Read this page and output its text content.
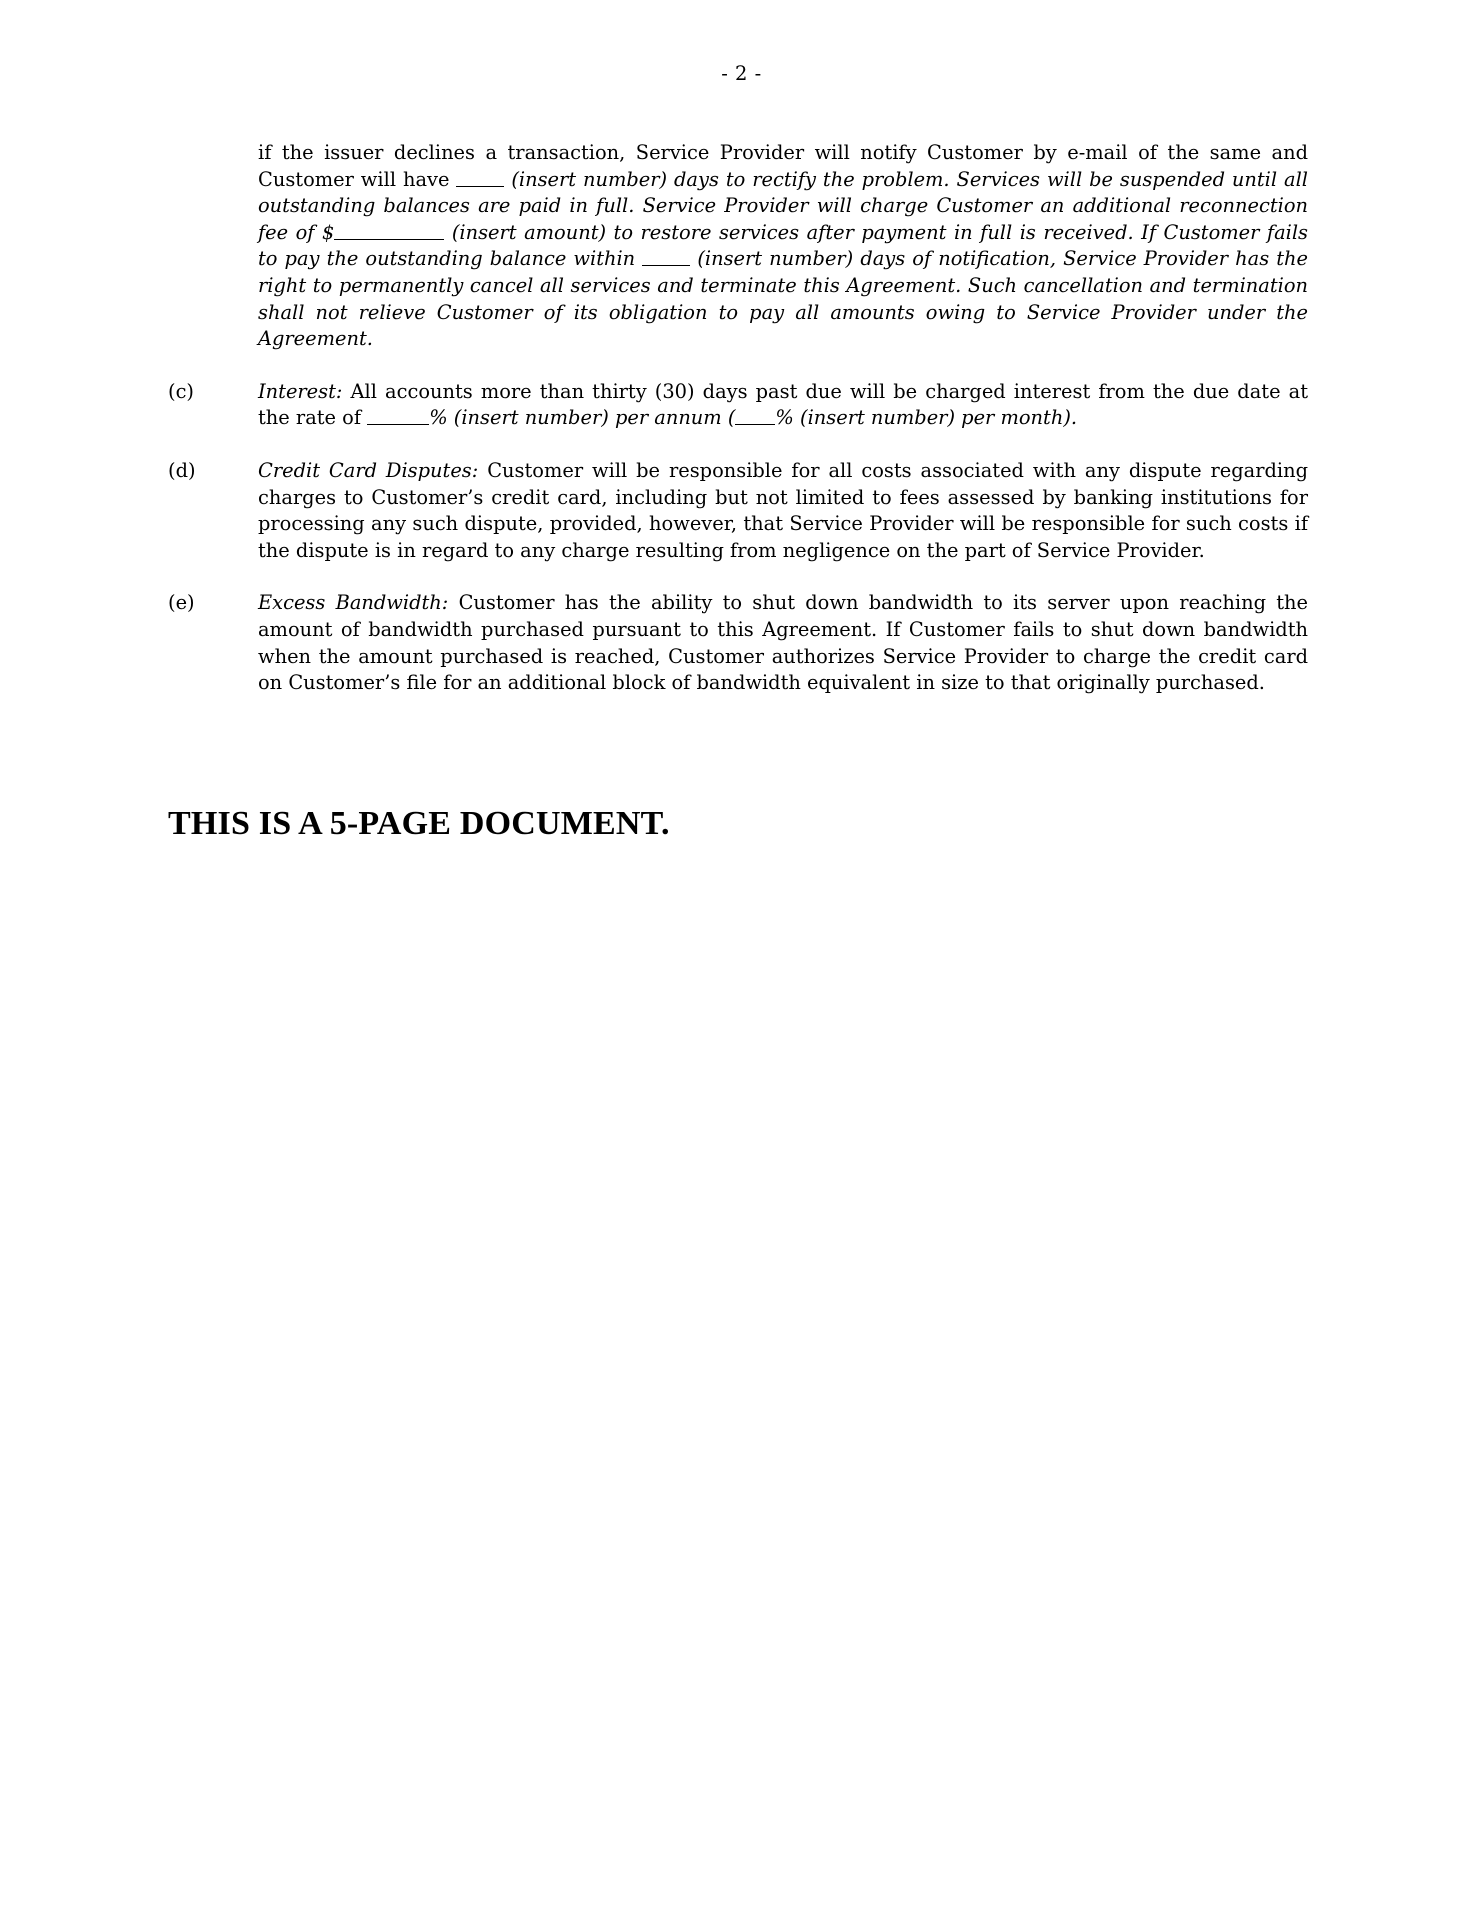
- 2 -

if the issuer declines a transaction, Service Provider will notify Customer by e-mail of the same and Customer will have  (insert number) days to rectify the problem. Services will be suspended until all outstanding balances are paid in full. Service Provider will charge Customer an additional reconnection fee of $	(insert amount) to restore services after payment in full is received. If Customer fails to pay the outstanding balance within  (insert number) days of notification, Service Provider has the right to permanently cancel all services and terminate this Agreement. Such cancellation and termination shall not relieve Customer of its obligation to pay all amounts owing to Service Provider under the Agreement.

(c)	Interest: All accounts more than thirty (30) days past due will be charged interest from the due date at the rate of	% (insert number) per annum ( % (insert number) per month).
(d)	Credit Card Disputes: Customer will be responsible for all costs associated with any dispute regarding charges to Customer’s credit card, including but not limited to fees assessed by banking institutions for processing any such dispute, provided, however, that Service Provider will be responsible for such costs if the dispute is in regard to any charge resulting from negligence on the part of Service Provider.
(e)	Excess Bandwidth: Customer has the ability to shut down bandwidth to its server upon reaching the amount of bandwidth purchased pursuant to this Agreement. If Customer fails to shut down bandwidth when the amount purchased is reached, Customer authorizes Service Provider to charge the credit card on Customer’s file for an additional block of bandwidth equivalent in size to that originally purchased.
THIS IS A 5-PAGE DOCUMENT.
